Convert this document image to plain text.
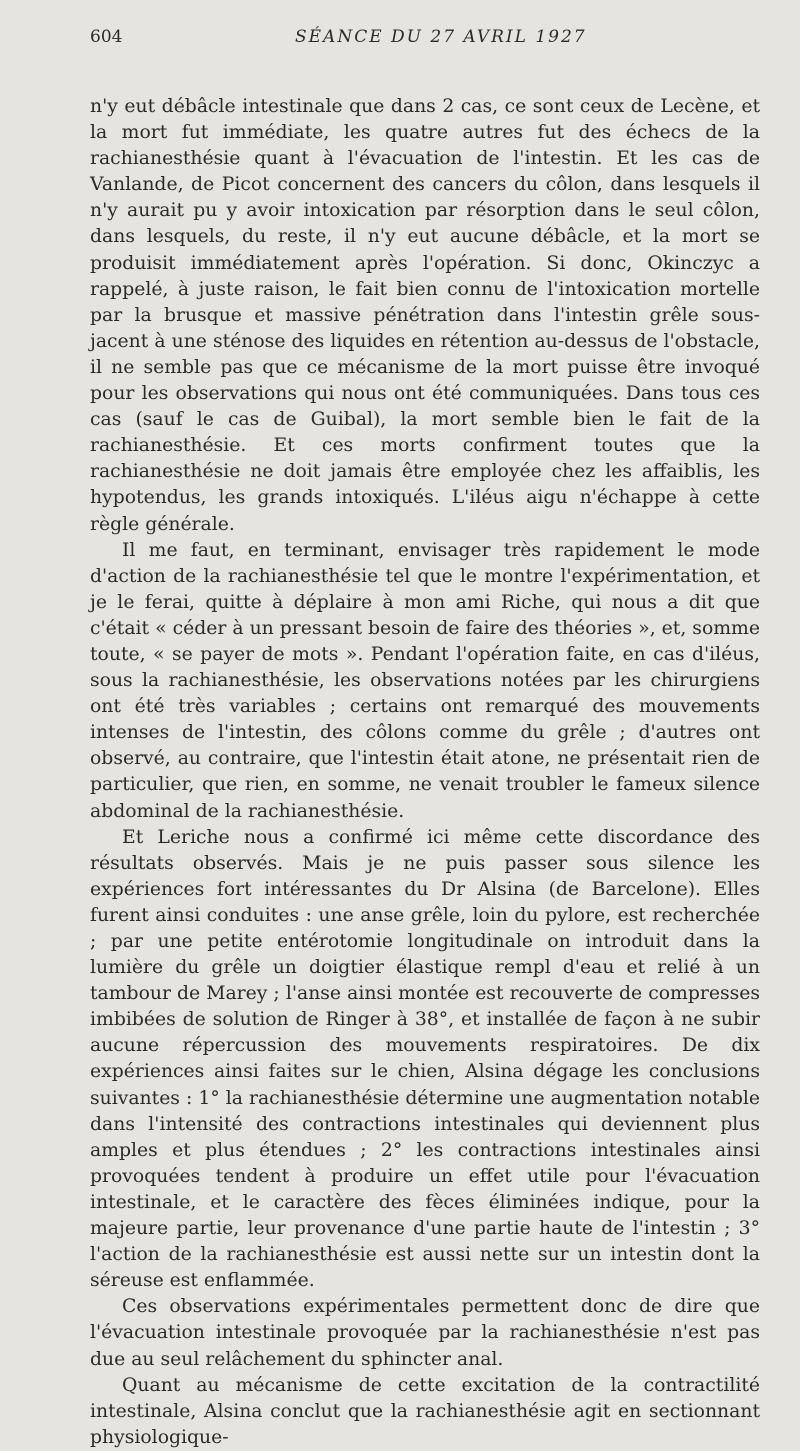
604	SÉANCE DU 27 AVRIL 1927

n'y eut débâcle intestinale que dans 2 cas, ce sont ceux de Lecène, et la mort fut immédiate, les quatre autres fut des échecs de la rachianesthésie quant à l'évacuation de l'intestin. Et les cas de Vanlande, de Picot concernent des cancers du côlon, dans lesquels il n'y aurait pu y avoir intoxication par résorption dans le seul côlon, dans lesquels, du reste, il n'y eut aucune débâcle, et la mort se produisit immédiatement après l'opération. Si donc, Okinczyc a rappelé, à juste raison, le fait bien connu de l'intoxication mortelle par la brusque et massive pénétration dans l'intestin grêle sous-jacent à une sténose des liquides en rétention au-dessus de l'obstacle, il ne semble pas que ce mécanisme de la mort puisse être invoqué pour les observations qui nous ont été communiquées. Dans tous ces cas (sauf le cas de Guibal), la mort semble bien le fait de la rachianesthésie. Et ces morts confirment toutes que la rachianesthésie ne doit jamais être employée chez les affaiblis, les hypotendus, les grands intoxiqués. L'iléus aigu n'échappe à cette règle générale.

Il me faut, en terminant, envisager très rapidement le mode d'action de la rachianesthésie tel que le montre l'expérimentation, et je le ferai, quitte à déplaire à mon ami Riche, qui nous a dit que c'était « céder à un pressant besoin de faire des théories », et, somme toute, « se payer de mots ». Pendant l'opération faite, en cas d'iléus, sous la rachianesthésie, les observations notées par les chirurgiens ont été très variables ; certains ont remarqué des mouvements intenses de l'intestin, des côlons comme du grêle ; d'autres ont observé, au contraire, que l'intestin était atone, ne présentait rien de particulier, que rien, en somme, ne venait troubler le fameux silence abdominal de la rachianesthésie.

Et Leriche nous a confirmé ici même cette discordance des résultats observés. Mais je ne puis passer sous silence les expériences fort intéressantes du Dr Alsina (de Barcelone). Elles furent ainsi conduites : une anse grêle, loin du pylore, est recherchée ; par une petite entérotomie longitudinale on introduit dans la lumière du grêle un doigtier élastique rempl d'eau et relié à un tambour de Marey ; l'anse ainsi montée est recouverte de compresses imbibées de solution de Ringer à 38°, et installée de façon à ne subir aucune répercussion des mouvements respiratoires. De dix expériences ainsi faites sur le chien, Alsina dégage les conclusions suivantes : 1° la rachianesthésie détermine une augmentation notable dans l'intensité des contractions intestinales qui deviennent plus amples et plus étendues ; 2° les contractions intestinales ainsi provoquées tendent à produire un effet utile pour l'évacuation intestinale, et le caractère des fèces éliminées indique, pour la majeure partie, leur provenance d'une partie haute de l'intestin ; 3° l'action de la rachianesthésie est aussi nette sur un intestin dont la séreuse est enflammée.

Ces observations expérimentales permettent donc de dire que l'évacuation intestinale provoquée par la rachianesthésie n'est pas due au seul relâchement du sphincter anal.

Quant au mécanisme de cette excitation de la contractilité intestinale, Alsina conclut que la rachianesthésie agit en sectionnant physiologique-
